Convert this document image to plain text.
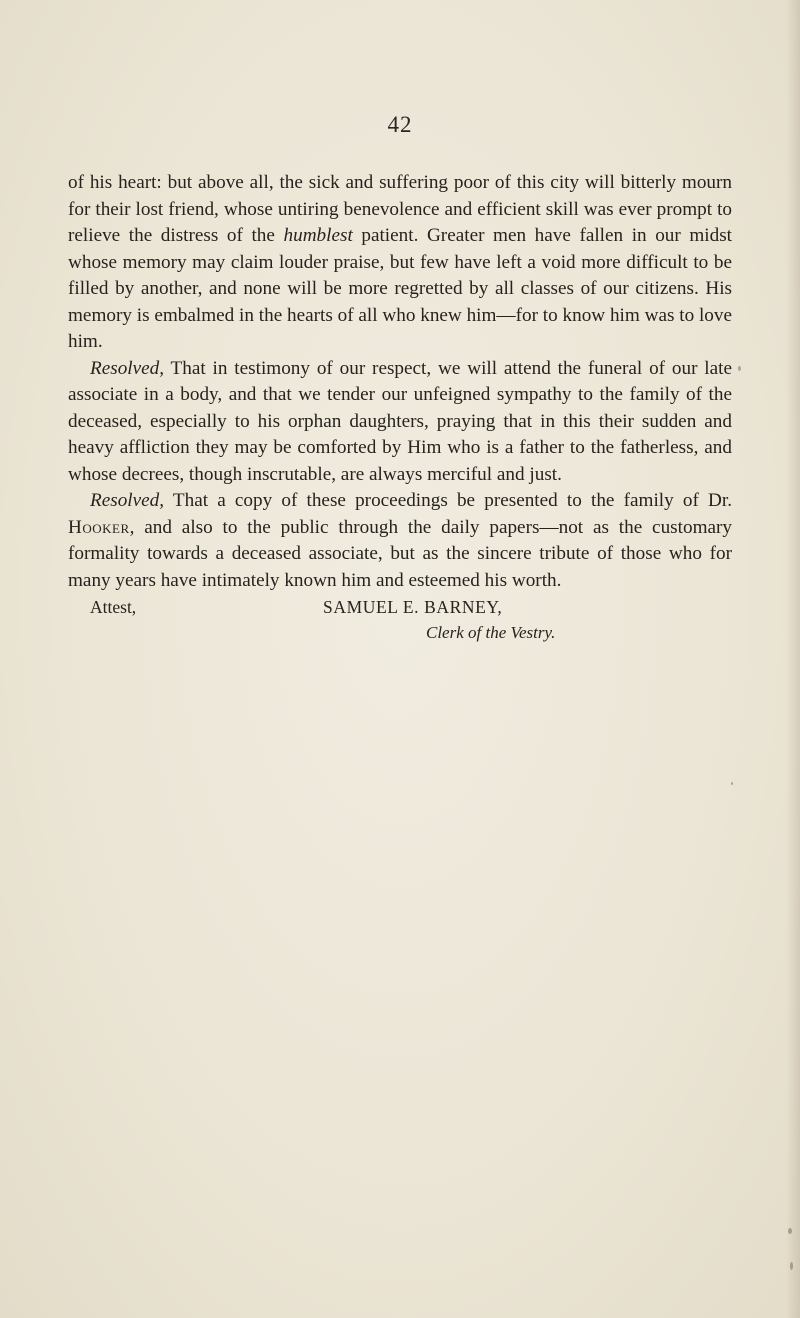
42

of his heart: but above all, the sick and suffering poor of this city will bitterly mourn for their lost friend, whose untiring benevolence and efficient skill was ever prompt to relieve the distress of the humblest patient. Greater men have fallen in our midst whose memory may claim louder praise, but few have left a void more difficult to be filled by another, and none will be more regretted by all classes of our citizens. His memory is embalmed in the hearts of all who knew him—for to know him was to love him.

Resolved, That in testimony of our respect, we will attend the funeral of our late associate in a body, and that we tender our unfeigned sympathy to the family of the deceased, especially to his orphan daughters, praying that in this their sudden and heavy affliction they may be comforted by Him who is a father to the fatherless, and whose decrees, though inscrutable, are always merciful and just.

Resolved, That a copy of these proceedings be presented to the family of Dr. Hooker, and also to the public through the daily papers—not as the customary formality towards a deceased associate, but as the sincere tribute of those who for many years have intimately known him and esteemed his worth.

Attest,	SAMUEL E. BARNEY,
Clerk of the Vestry.
